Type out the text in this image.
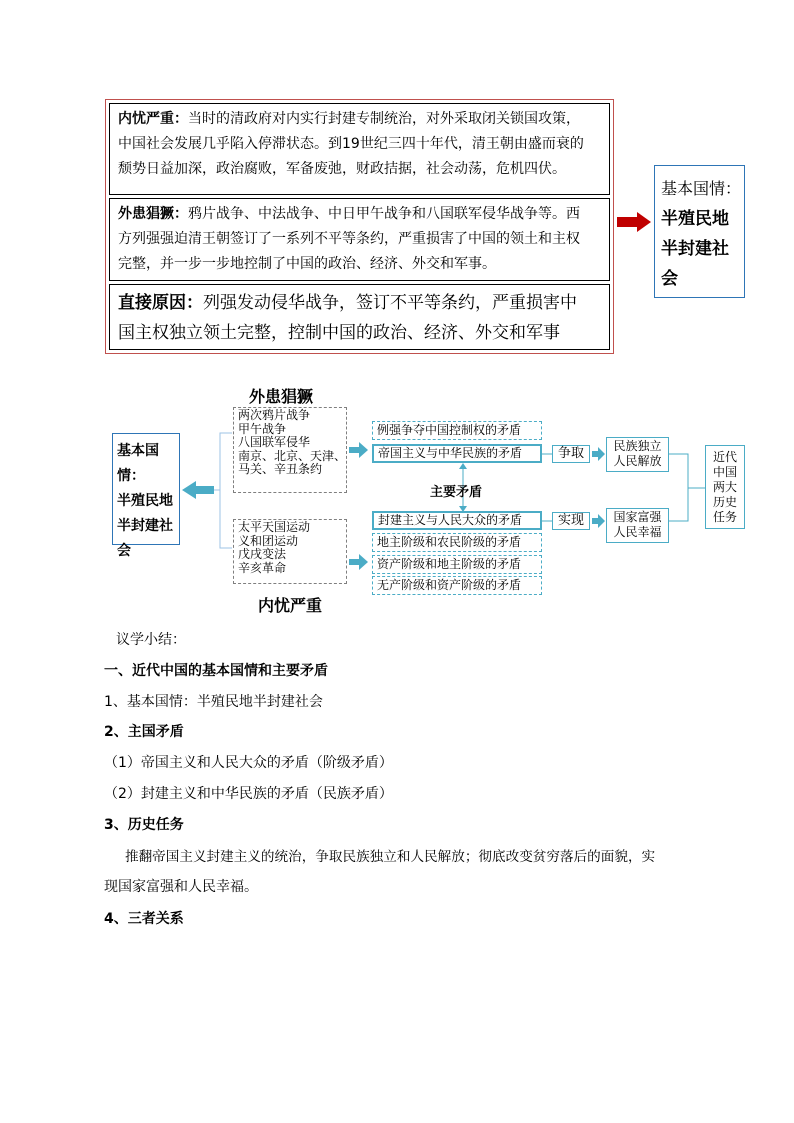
内忧严重：当时的清政府对内实行封建专制统治，对外采取闭关锁国攻策，
中国社会发展几乎陷入停滞状态。到19世纪三四十年代，清王朝由盛而衰的
颓势日益加深，政治腐败，军备废弛，财政拮据，社会动荡，危机四伏。
外患猖獗：鸦片战争、中法战争、中日甲午战争和八国联军侵华战争等。西
方列强强迫清王朝签订了一系列不平等条约，严重损害了中国的领土和主权
完整，并一步一步地控制了中国的政治、经济、外交和军事。
直接原因：列强发动侵华战争，签订不平等条约，严重损害中
国主权独立领土完整，控制中国的政治、经济、外交和军事
基本国情：
半殖民地
半封建社
会
外患猖獗
内忧严重
基本国情：
半殖民地
半封建社
会
两次鸦片战争
甲午战争
八国联军侵华
南京、北京、天津、
马关、辛丑条约
太平天国运动
义和团运动
戊戌变法
辛亥革命
例强争夺中国控制权的矛盾
帝国主义与中华民族的矛盾
主要矛盾
封建主义与人民大众的矛盾
地主阶级和农民阶级的矛盾
资产阶级和地主阶级的矛盾
无产阶级和资产阶级的矛盾
争取
实现
民族独立
人民解放
国家富强
人民幸福
近代
中国
两大
历史
任务
议学小结：
一、近代中国的基本国情和主要矛盾
1、基本国情：半殖民地半封建社会
2、主国矛盾
（1）帝国主义和人民大众的矛盾（阶级矛盾）
（2）封建主义和中华民族的矛盾（民族矛盾）
3、历史任务
推翻帝国主义封建主义的统治，争取民族独立和人民解放；彻底改变贫穷落后的面貌，实
现国家富强和人民幸福。
4、三者关系
